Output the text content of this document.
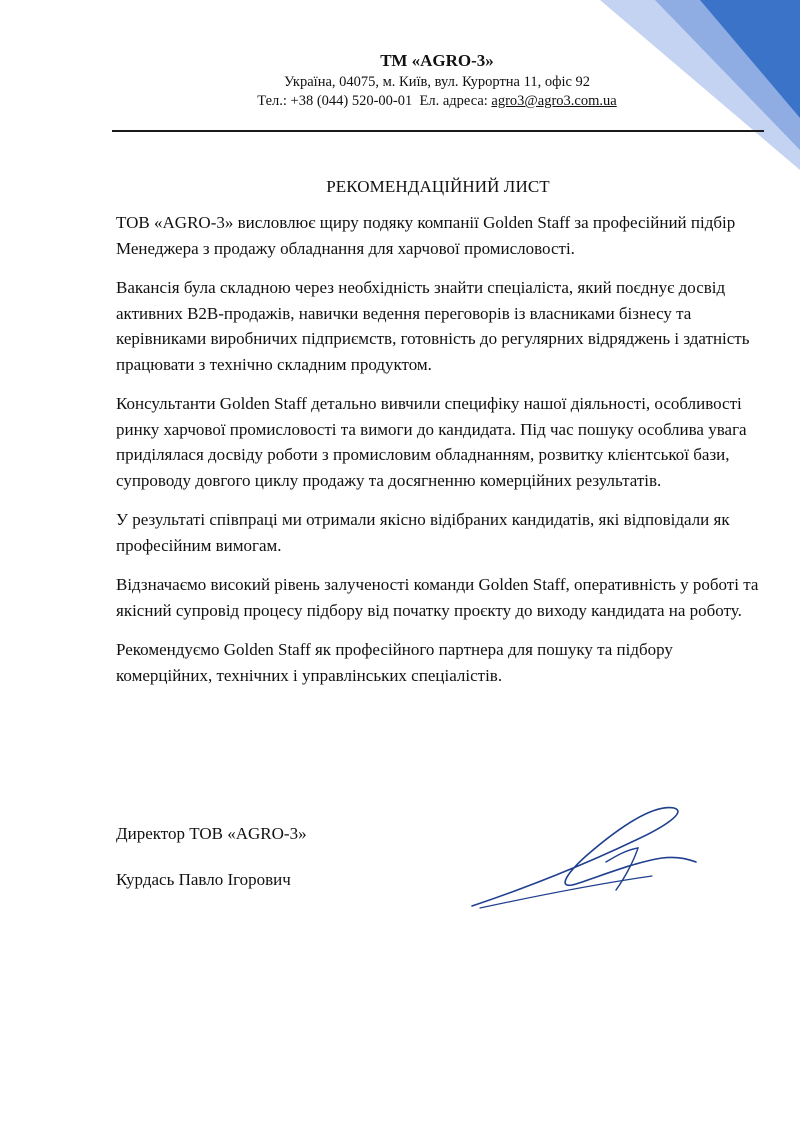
ТМ «AGRO-3»
Україна, 04075, м. Київ, вул. Курортна 11, офіс 92
Тел.: +38 (044) 520-00-01 Ел. адреса: agro3@agro3.com.ua
РЕКОМЕНДАЦІЙНИЙ ЛИСТ

ТОВ «AGRO-3» висловлює щиру подяку компанії Golden Staff за професійний підбір Менеджера з продажу обладнання для харчової промисловості.

Вакансія була складною через необхідність знайти спеціаліста, який поєднує досвід активних B2B-продажів, навички ведення переговорів із власниками бізнесу та керівниками виробничих підприємств, готовність до регулярних відряджень і здатність працювати з технічно складним продуктом.

Консультанти Golden Staff детально вивчили специфіку нашої діяльності, особливості ринку харчової промисловості та вимоги до кандидата. Під час пошуку особлива увага приділялася досвіду роботи з промисловим обладнанням, розвитку клієнтської бази, супроводу довгого циклу продажу та досягненню комерційних результатів.

У результаті співпраці ми отримали якісно відібраних кандидатів, які відповідали як професійним вимогам.

Відзначаємо високий рівень залученості команди Golden Staff, оперативність у роботі та якісний супровід процесу підбору від початку проєкту до виходу кандидата на роботу.

Рекомендуємо Golden Staff як професійного партнера для пошуку та підбору комерційних, технічних і управлінських спеціалістів.

Директор ТОВ «AGRO-3»
Курдась Павло Ігорович
